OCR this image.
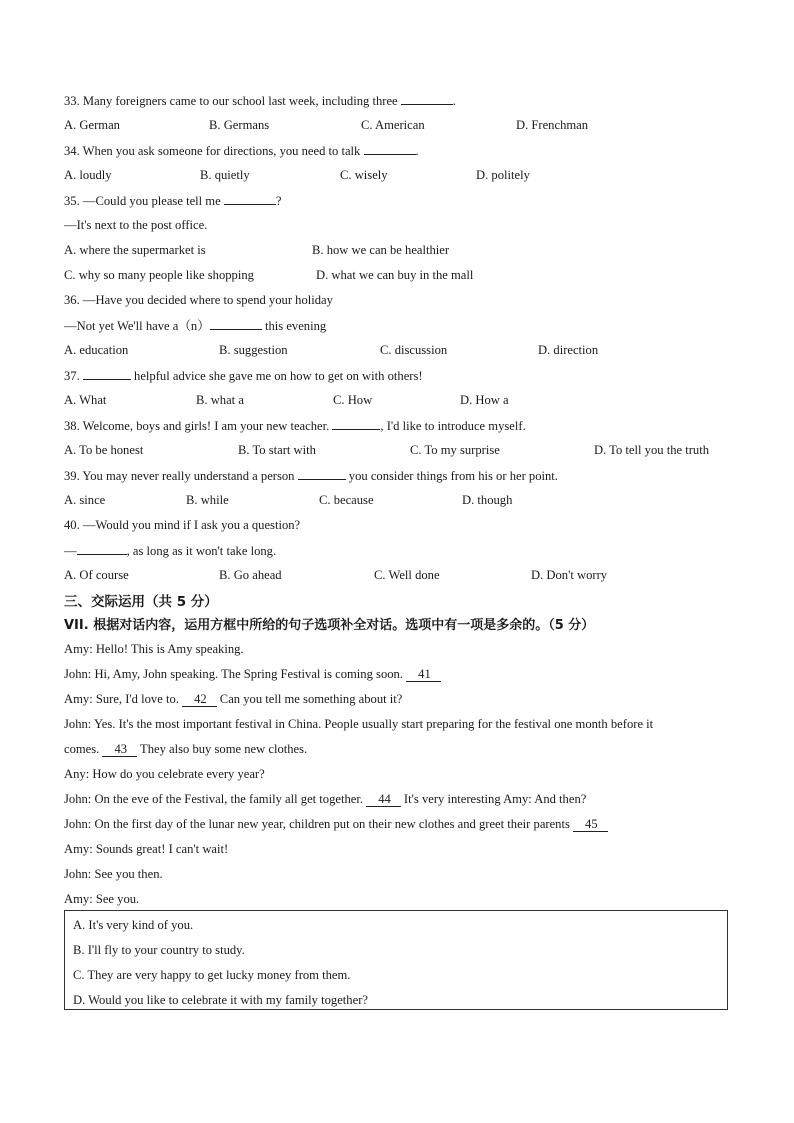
33. Many foreigners came to our school last week, including three	.
A. German	B. Germans	C. American	D. Frenchman
34. When you ask someone for directions, you need to talk	.
A. loudly	B. quietly	C. wisely	D. politely
35. —Could you please tell me	?
—It's next to the post office.
A. where the supermarket is	B. how we can be healthier
C. why so many people like shopping	D. what we can buy in the mall
36. —Have you decided where to spend your holiday
—Not yet We'll have a（n）	this evening
A. education	B. suggestion	C. discussion	D. direction
37.	helpful advice she gave me on how to get on with others!
A. What	B. what a	C. How	D. How a
38. Welcome, boys and girls! I am your new teacher.	, I'd like to introduce myself.
A. To be honest	B. To start with	C. To my surprise	D. To tell you the truth
39. You may never really understand a person	you consider things from his or her point.
A. since	B. while	C. because	D. though
40. —Would you mind if I ask you a question?
—	, as long as it won't take long.
A. Of course	B. Go ahead	C. Well done	D. Don't worry
三、交际运用（共 5 分）
VII. 根据对话内容，运用方框中所给的句子选项补全对话。选项中有一项是多余的。（5 分）
Amy: Hello! This is Amy speaking.
John: Hi, Amy, John speaking. The Spring Festival is coming soon. 41
Amy: Sure, I'd love to. 42 Can you tell me something about it?
John: Yes. It's the most important festival in China. People usually start preparing for the festival one month before it
comes. 43 They also buy some new clothes.
Any: How do you celebrate every year?
John: On the eve of the Festival, the family all get together. 44 It's very interesting Amy: And then?
John: On the first day of the lunar new year, children put on their new clothes and greet their parents 45
Amy: Sounds great! I can't wait!
John: See you then.
Amy: See you.
A. It's very kind of you.
B. I'll fly to your country to study.
C. They are very happy to get lucky money from them.
D. Would you like to celebrate it with my family together?
